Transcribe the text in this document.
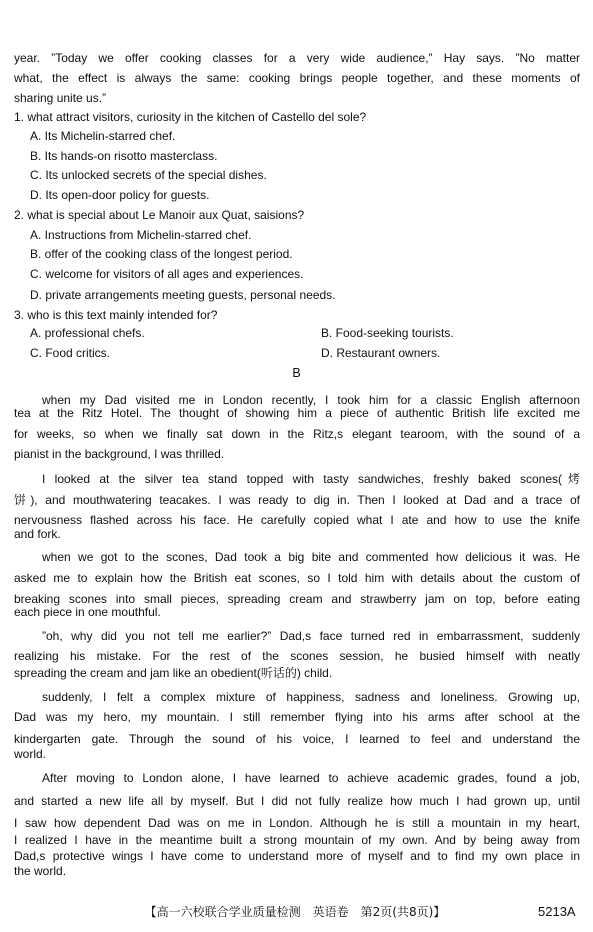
year. ”Today we offer cooking classes for a very wide audience,” Hay says. ”No matter
what, the effect is always the same: cooking brings people together, and these moments of
sharing unite us.”
1. what attract visitors, curiosity in the kitchen of Castello del sole?
A. Its Michelin-starred chef.
B. Its hands-on risotto masterclass.
C. Its unlocked secrets of the special dishes.
D. Its open-door policy for guests.
2. what is special about Le Manoir aux Quat, saisions?
A. Instructions from Michelin-starred chef.
B. offer of the cooking class of the longest period.
C. welcome for visitors of all ages and experiences.
D. private arrangements meeting guests, personal needs.
3. who is this text mainly intended for?
A. professional chefs.	B. Food-seeking tourists.
C. Food critics.	D. Restaurant owners.
B
when my Dad visited me in London recently, I took him for a classic English afternoon
tea at the Ritz Hotel. The thought of showing him a piece of authentic British life excited me
for weeks, so when we finally sat down in the Ritz,s elegant tearoom, with the sound of a
pianist in the background, I was thrilled.
I looked at the silver tea stand topped with tasty sandwiches, freshly baked scones(烤
饼), and mouthwatering teacakes. I was ready to dig in. Then I looked at Dad and a trace of
nervousness flashed across his face. He carefully copied what I ate and how to use the knife
and fork.
when we got to the scones, Dad took a big bite and commented how delicious it was. He
asked me to explain how the British eat scones, so I told him with details about the custom of
breaking scones into small pieces, spreading cream and strawberry jam on top, before eating
each piece in one mouthful.
”oh, why did you not tell me earlier?” Dad,s face turned red in embarrassment, suddenly
realizing his mistake. For the rest of the scones session, he busied himself with neatly
spreading the cream and jam like an obedient(听话的) child.
suddenly, I felt a complex mixture of happiness, sadness and loneliness. Growing up,
Dad was my hero, my mountain. I still remember flying into his arms after school at the
kindergarten gate. Through the sound of his voice, I learned to feel and understand the
world.
After moving to London alone, I have learned to achieve academic grades, found a job,
and started a new life all by myself. But I did not fully realize how much I had grown up, until
I saw how dependent Dad was on me in London. Although he is still a mountain in my heart,
I realized I have in the meantime built a strong mountain of my own. And by being away from
Dad,s protective wings I have come to understand more of myself and to find my own place in
the world.
【高一六校联合学业质量检测　英语卷　第2页(共8页)】	5213A
